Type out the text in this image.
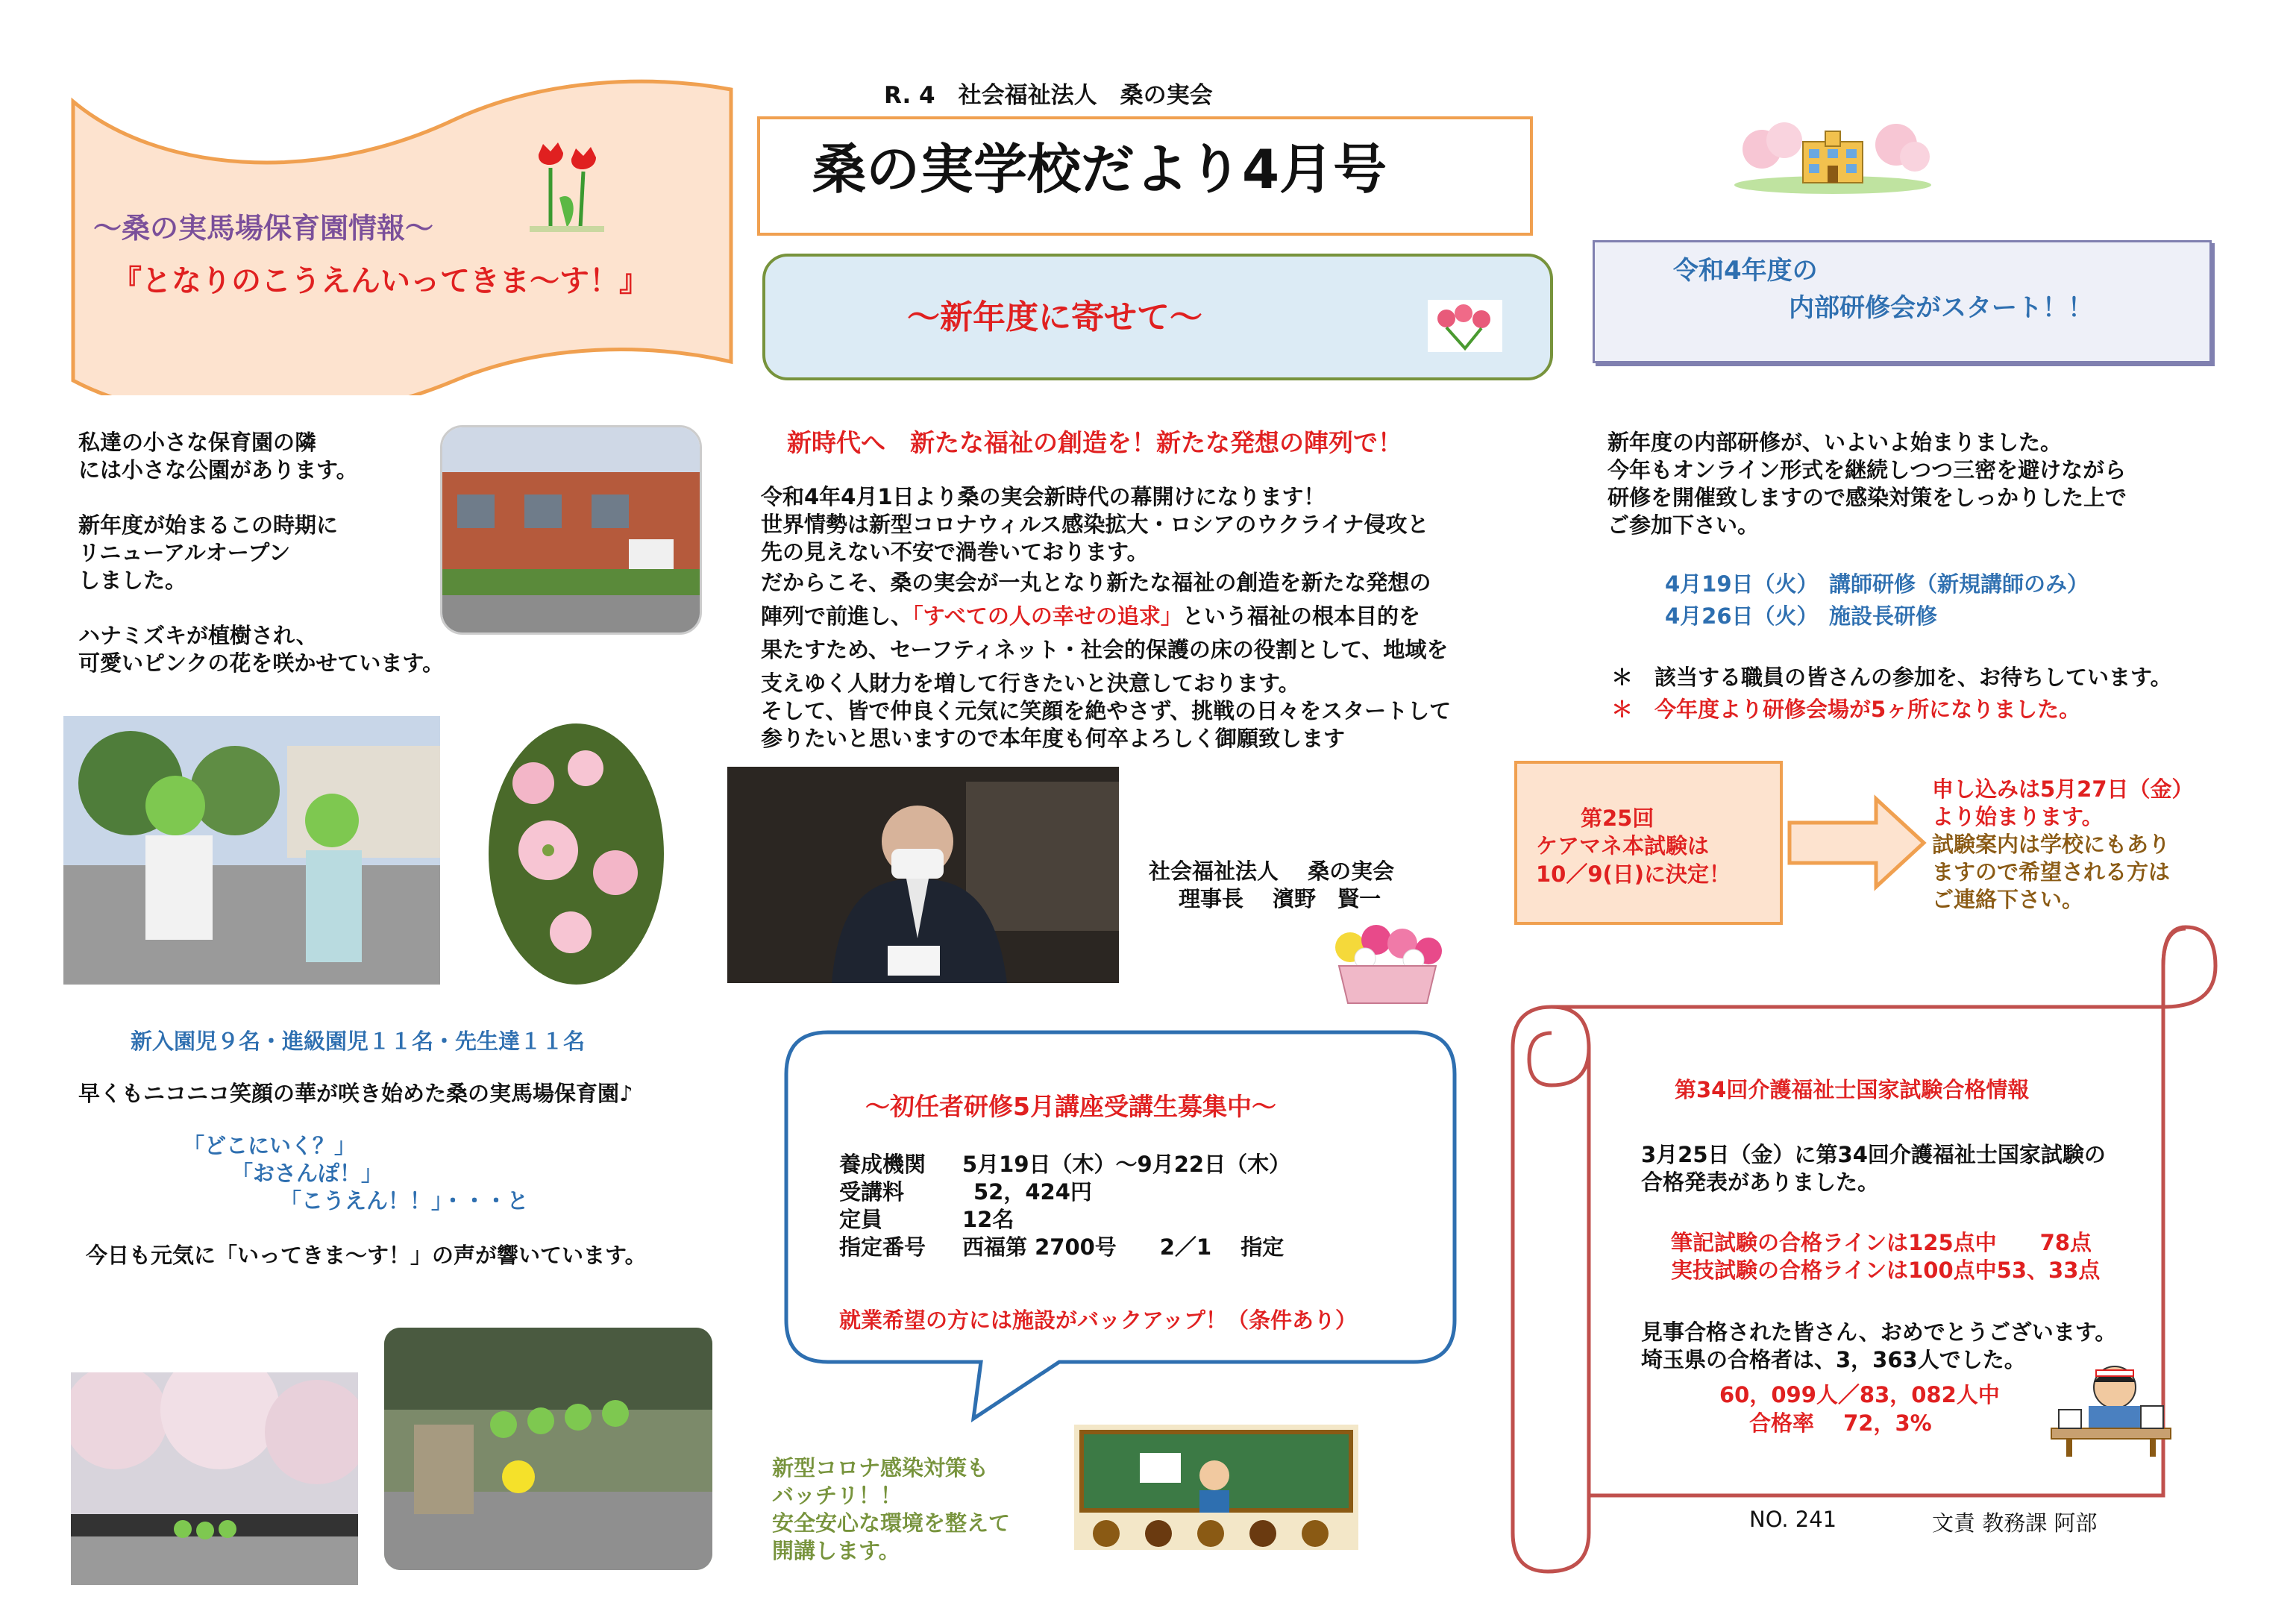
R. 4　社会福祉法人　桑の実会
桑の実学校だより4月号
～桑の実馬場保育園情報～
『となりのこうえんいってきま～す！』
私達の小さな保育園の隣
には小さな公園があります。
新年度が始まるこの時期に
リニューアルオープン
しました。
ハナミズキが植樹され、
可愛いピンクの花を咲かせています。
新入園児９名・進級園児１１名・先生達１１名
早くもニコニコ笑顔の華が咲き始めた桑の実馬場保育園♪
「どこにいく？」
「おさんぽ！」
「こうえん！！」・・・と
今日も元気に「いってきま～す！」の声が響いています。
～新年度に寄せて～
新時代へ　新たな福祉の創造を！新たな発想の陣列で！
令和4年4月1日より桑の実会新時代の幕開けになります！
世界情勢は新型コロナウィルス感染拡大・ロシアのウクライナ侵攻と
先の見えない不安で渦巻いております。
だからこそ、桑の実会が一丸となり新たな福祉の創造を新たな発想の
陣列で前進し、「すべての人の幸せの追求」という福祉の根本目的を
果たすため、セーフティネット・社会的保護の床の役割として、地域を
支えゆく人財力を増して行きたいと決意しております。
そして、皆で仲良く元気に笑顔を絶やさず、挑戦の日々をスタートして
参りたいと思いますので本年度も何卒よろしく御願致します
社会福祉法人　 桑の実会
理事長　 濱野　賢一
～初任者研修5月講座受講生募集中～
養成機関	5月19日（木）～9月22日（木）
受講料	52，424円
定員	12名
指定番号	西福第 2700号　　2／1　 指定
就業希望の方には施設がバックアップ！（条件あり）
新型コロナ感染対策も
バッチリ！！
安全安心な環境を整えて
開講します。
令和4年度の
内部研修会がスタート！！
新年度の内部研修が、いよいよ始まりました。
今年もオンライン形式を継続しつつ三密を避けながら
研修を開催致しますので感染対策をしっかりした上で
ご参加下さい。
4月19日（火）　講師研修（新規講師のみ）
4月26日（火）　施設長研修
＊　該当する職員の皆さんの参加を、お待ちしています。
＊　今年度より研修会場が5ヶ所になりました。
第25回
ケアマネ本試験は
10／9(日)に決定！
申し込みは5月27日（金）
より始まります。
試験案内は学校にもあり
ますので希望される方は
ご連絡下さい。
第34回介護福祉士国家試験合格情報
3月25日（金）に第34回介護福祉士国家試験の
合格発表がありました。
筆記試験の合格ラインは125点中　　78点
実技試験の合格ラインは100点中53、33点
見事合格された皆さん、おめでとうございます。
埼玉県の合格者は、3，363人でした。
60，099人／83，082人中
合格率　 72，3%
NO. 241	文責 教務課 阿部
